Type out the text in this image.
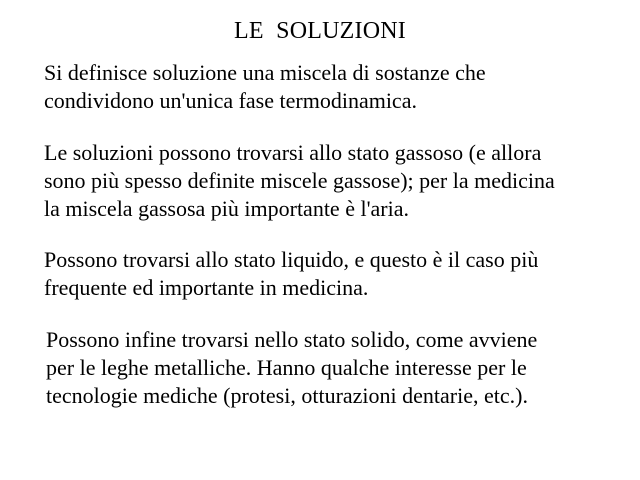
LE  SOLUZIONI

Si definisce soluzione una miscela di sostanze che
condividono un'unica fase termodinamica.

Le soluzioni possono trovarsi allo stato gassoso (e allora
sono più spesso definite miscele gassose); per la medicina
la miscela gassosa più importante è l'aria.

Possono trovarsi allo stato liquido, e questo è il caso più
frequente ed importante in medicina.

Possono infine trovarsi nello stato solido, come avviene
per le leghe metalliche. Hanno qualche interesse per le
tecnologie mediche (protesi, otturazioni dentarie, etc.).
